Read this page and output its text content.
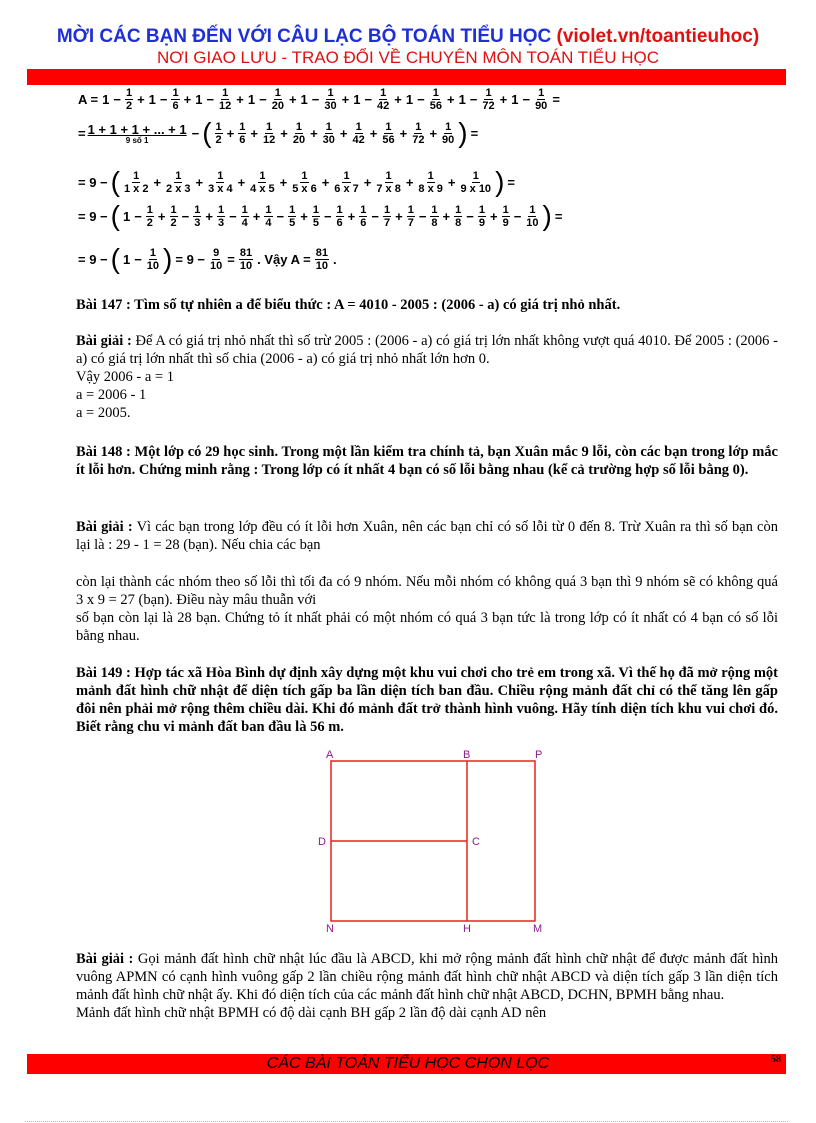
MỜI CÁC BẠN ĐẾN VỚI CÂU LẠC BỘ TOÁN TIỂU HỌC (violet.vn/toantieuhoc)
NƠI GIAO LƯU - TRAO ĐỔI VỀ CHUYÊN MÔN TOÁN TIỂU HỌC
$A = 1 - \frac{1}{2} + 1 - \frac{1}{6} + 1 - \frac{1}{12} + 1 - \frac{1}{20} + 1 - \frac{1}{30} + 1 - \frac{1}{42} + 1 - \frac{1}{56} + 1 - \frac{1}{72} + 1 - \frac{1}{90}$ =
= 1 + 1 + 1 + ... + 1
9 số 1	− ( $\frac{1}{2} + \frac{1}{6} + \frac{1}{12} + \frac{1}{20} + \frac{1}{30} + \frac{1}{42} + \frac{1}{56} + \frac{1}{72} + \frac{1}{90}$ ) =
= 9 − ( $\frac{1}{1 x 2} + \frac{1}{2 x 3} + \frac{1}{3 x 4} + \frac{1}{4 x 5} + \frac{1}{5 x 6} + \frac{1}{6 x 7} + \frac{1}{7 x 8} + \frac{1}{8 x 9} + \frac{1}{9 x 10}$ ) =
= 9 − ( $1 - \frac{1}{2} + \frac{1}{2} - \frac{1}{3} + \frac{1}{3} - \frac{1}{4} + \frac{1}{4} - \frac{1}{5} + \frac{1}{5} - \frac{1}{6} + \frac{1}{6} - \frac{1}{7} + \frac{1}{7} - \frac{1}{8} + \frac{1}{8} - \frac{1}{9} + \frac{1}{9} - \frac{1}{10}$ ) =
= 9 − ( $1 - \frac{1}{10}$ ) = $9 - \frac{9}{10} = \frac{81}{10}$ . Vậy $A = \frac{81}{10}$ .
Bài 147 : Tìm số tự nhiên a để biểu thức : A = 4010 - 2005 : (2006 - a) có giá trị nhỏ nhất.
Bài giải : Để A có giá trị nhỏ nhất thì số trừ 2005 : (2006 - a) có giá trị lớn nhất không vượt quá 4010. Để 2005 : (2006 - a) có giá trị lớn nhất thì số chia (2006 - a) có giá trị nhỏ nhất lớn hơn 0.
Vậy 2006 - a = 1
a = 2006 - 1
a = 2005.
Bài 148 : Một lớp có 29 học sinh. Trong một lần kiểm tra chính tả, bạn Xuân mắc 9 lỗi, còn các bạn trong lớp mắc ít lỗi hơn. Chứng minh rằng : Trong lớp có ít nhất 4 bạn có số lỗi bằng nhau (kể cả trường hợp số lỗi bằng 0).
Bài giải : Vì các bạn trong lớp đều có ít lỗi hơn Xuân, nên các bạn chỉ có số lỗi từ 0 đến 8. Trừ Xuân ra thì số bạn còn lại là : 29 - 1 = 28 (bạn). Nếu chia các bạn
còn lại thành các nhóm theo số lỗi thì tối đa có 9 nhóm. Nếu mỗi nhóm có không quá 3 bạn thì 9 nhóm sẽ có không quá 3 x 9 = 27 (bạn). Điều này mâu thuẫn với
số bạn còn lại là 28 bạn. Chứng tỏ ít nhất phải có một nhóm có quá 3 bạn tức là trong lớp có ít nhất có 4 bạn có số lỗi bằng nhau.
Bài 149 : Hợp tác xã Hòa Bình dự định xây dựng một khu vui chơi cho trẻ em trong xã. Vì thế họ đã mở rộng một mảnh đất hình chữ nhật để diện tích gấp ba lần diện tích ban đầu. Chiều rộng mảnh đất chỉ có thể tăng lên gấp đôi nên phải mở rộng thêm chiều dài. Khi đó mảnh đất trở thành hình vuông. Hãy tính diện tích khu vui chơi đó. Biết rằng chu vi mảnh đất ban đầu là 56 m.
A	B	P
D	C
N	H	M
Bài giải : Gọi mảnh đất hình chữ nhật lúc đầu là ABCD, khi mở rộng mảnh đất hình chữ nhật để được mảnh đất hình vuông APMN có cạnh hình vuông gấp 2 lần chiều rộng mảnh đất hình chữ nhật ABCD và diện tích gấp 3 lần diện tích mảnh đất hình chữ nhật ấy. Khi đó diện tích của các mảnh đất hình chữ nhật ABCD, DCHN, BPMH bằng nhau.
Mảnh đất hình chữ nhật BPMH có độ dài cạnh BH gấp 2 lần độ dài cạnh AD nên
CÁC BÀI TOÁN TIỂU HỌC CHỌN LỌC	58
